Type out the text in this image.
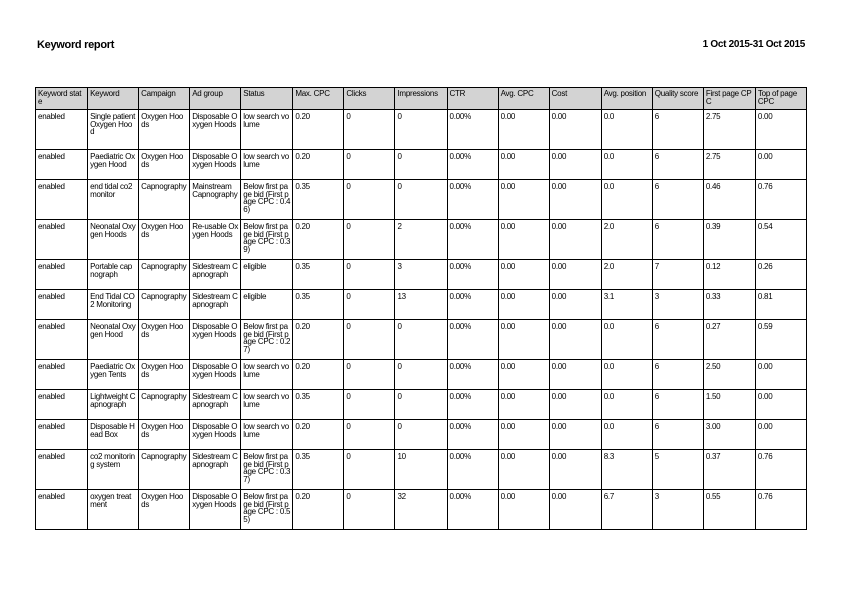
Keyword report	1 Oct 2015-31 Oct 2015
Keyword state	Keyword	Campaign	Ad group	Status	Max. CPC	Clicks	Impressions	CTR	Avg. CPC	Cost	Avg. position	Quality score	First page CPC	Top of page CPC
enabled	Single patient Oxygen Hood	Oxygen Hoods	Disposable Oxygen Hoods	low search volume	0.20	0	0	0.00%	0.00	0.00	0.0	6	2.75	0.00
enabled	Paediatric Oxygen Hood	Oxygen Hoods	Disposable Oxygen Hoods	low search volume	0.20	0	0	0.00%	0.00	0.00	0.0	6	2.75	0.00
enabled	end tidal co2 monitor	Capnography	Mainstream Capnography	Below first page bid (First page CPC : 0.46)	0.35	0	0	0.00%	0.00	0.00	0.0	6	0.46	0.76
enabled	Neonatal Oxygen Hoods	Oxygen Hoods	Re-usable Oxygen Hoods	Below first page bid (First page CPC : 0.39)	0.20	0	2	0.00%	0.00	0.00	2.0	6	0.39	0.54
enabled	Portable capnograph	Capnography	Sidestream Capnograph	eligible	0.35	0	3	0.00%	0.00	0.00	2.0	7	0.12	0.26
enabled	End Tidal CO2 Monitoring	Capnography	Sidestream Capnograph	eligible	0.35	0	13	0.00%	0.00	0.00	3.1	3	0.33	0.81
enabled	Neonatal Oxygen Hood	Oxygen Hoods	Disposable Oxygen Hoods	Below first page bid (First page CPC : 0.27)	0.20	0	0	0.00%	0.00	0.00	0.0	6	0.27	0.59
enabled	Paediatric Oxygen Tents	Oxygen Hoods	Disposable Oxygen Hoods	low search volume	0.20	0	0	0.00%	0.00	0.00	0.0	6	2.50	0.00
enabled	Lightweight Capnograph	Capnography	Sidestream Capnograph	low search volume	0.35	0	0	0.00%	0.00	0.00	0.0	6	1.50	0.00
enabled	Disposable Head Box	Oxygen Hoods	Disposable Oxygen Hoods	low search volume	0.20	0	0	0.00%	0.00	0.00	0.0	6	3.00	0.00
enabled	co2 monitoring system	Capnography	Sidestream Capnograph	Below first page bid (First page CPC : 0.37)	0.35	0	10	0.00%	0.00	0.00	8.3	5	0.37	0.76
enabled	oxygen treatment	Oxygen Hoods	Disposable Oxygen Hoods	Below first page bid (First page CPC : 0.55)	0.20	0	32	0.00%	0.00	0.00	6.7	3	0.55	0.76
